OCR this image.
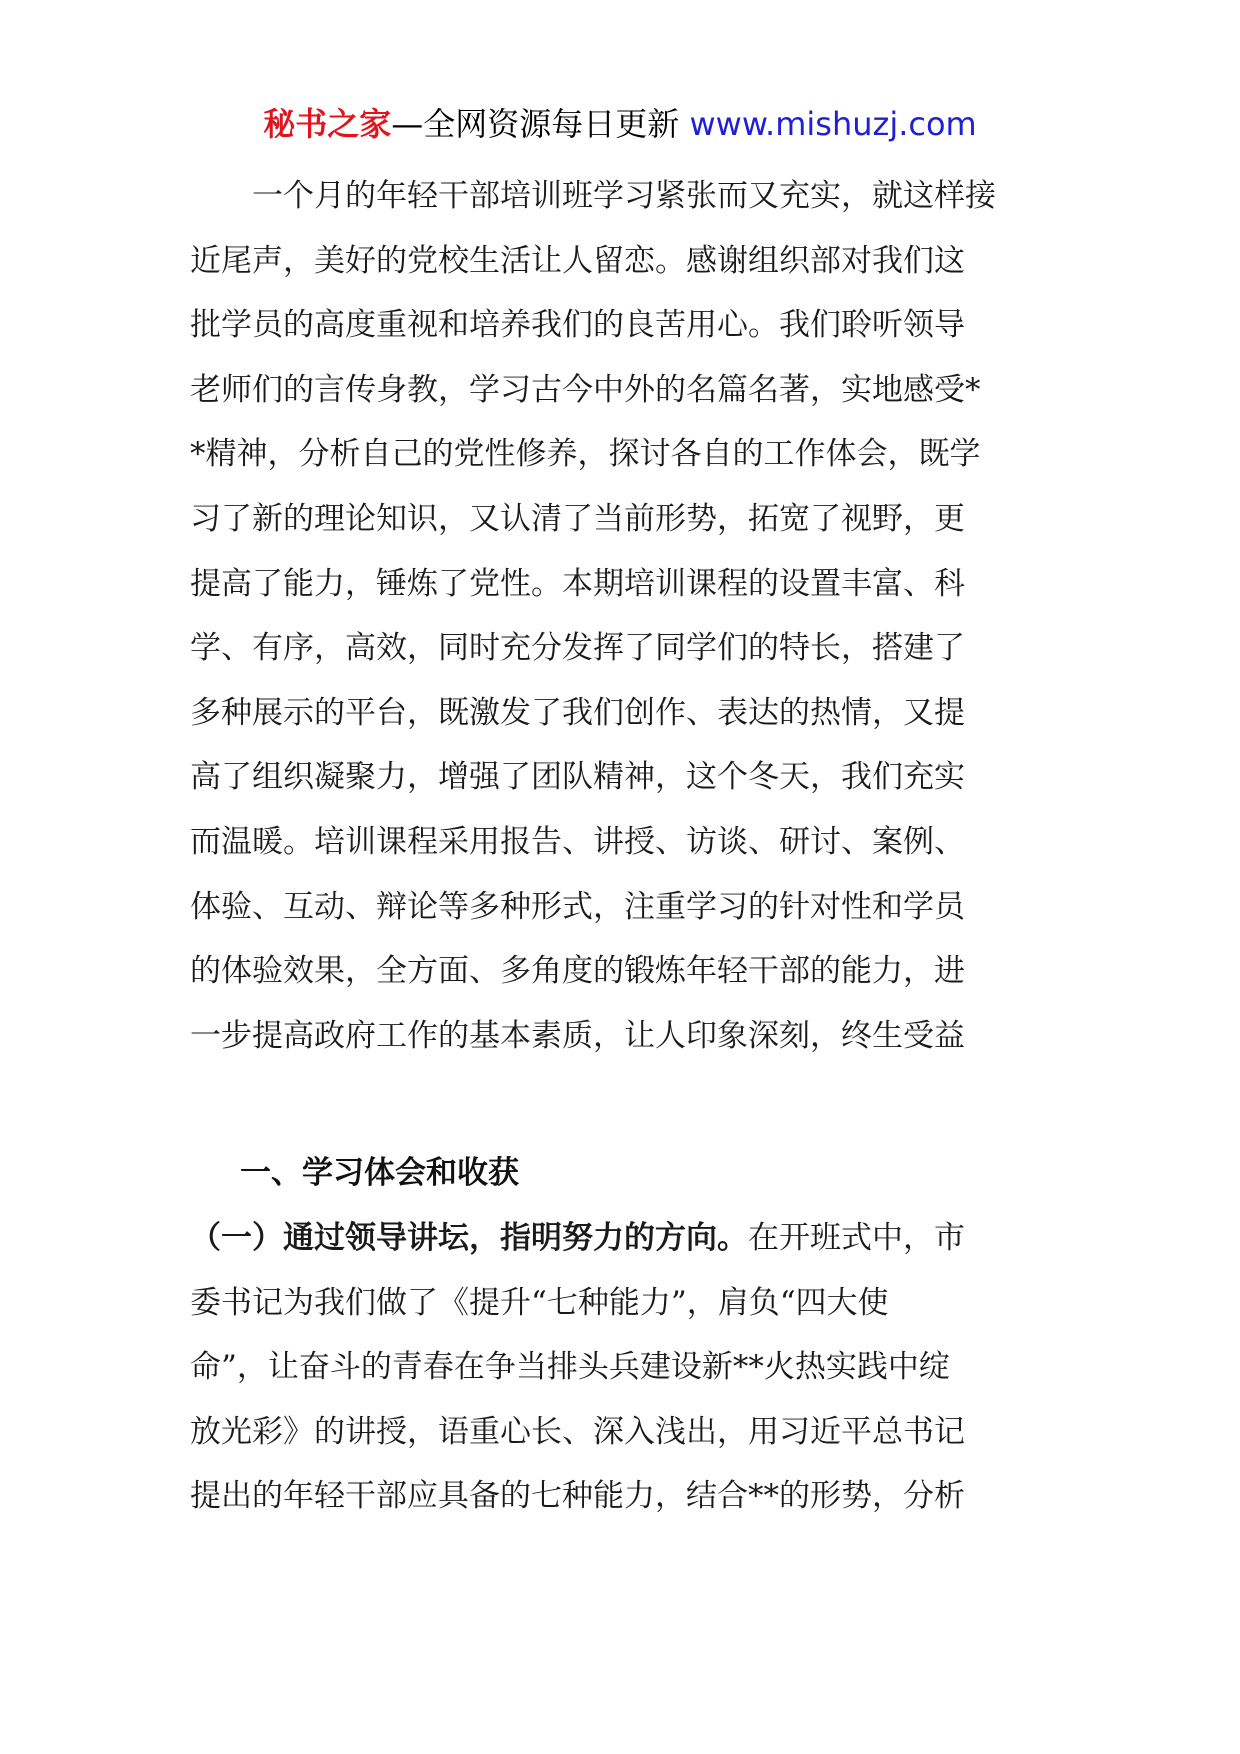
秘书之家—全网资源每日更新 www.mishuzj.com
　　一个月的年轻干部培训班学习紧张而又充实，就这样接
近尾声，美好的党校生活让人留恋。感谢组织部对我们这
批学员的高度重视和培养我们的良苦用心。我们聆听领导
老师们的言传身教，学习古今中外的名篇名著，实地感受*
*精神，分析自己的党性修养，探讨各自的工作体会，既学
习了新的理论知识，又认清了当前形势，拓宽了视野，更
提高了能力，锤炼了党性。本期培训课程的设置丰富、科
学、有序，高效，同时充分发挥了同学们的特长，搭建了
多种展示的平台，既激发了我们创作、表达的热情，又提
高了组织凝聚力，增强了团队精神，这个冬天，我们充实
而温暖。培训课程采用报告、讲授、访谈、研讨、案例、
体验、互动、辩论等多种形式，注重学习的针对性和学员
的体验效果，全方面、多角度的锻炼年轻干部的能力，进
一步提高政府工作的基本素质，让人印象深刻，终生受益
一、学习体会和收获
（一）通过领导讲坛，指明努力的方向。在开班式中，市
委书记为我们做了《提升“七种能力”，肩负“四大使
命”，让奋斗的青春在争当排头兵建设新**火热实践中绽
放光彩》的讲授，语重心长、深入浅出，用习近平总书记
提出的年轻干部应具备的七种能力，结合**的形势，分析
